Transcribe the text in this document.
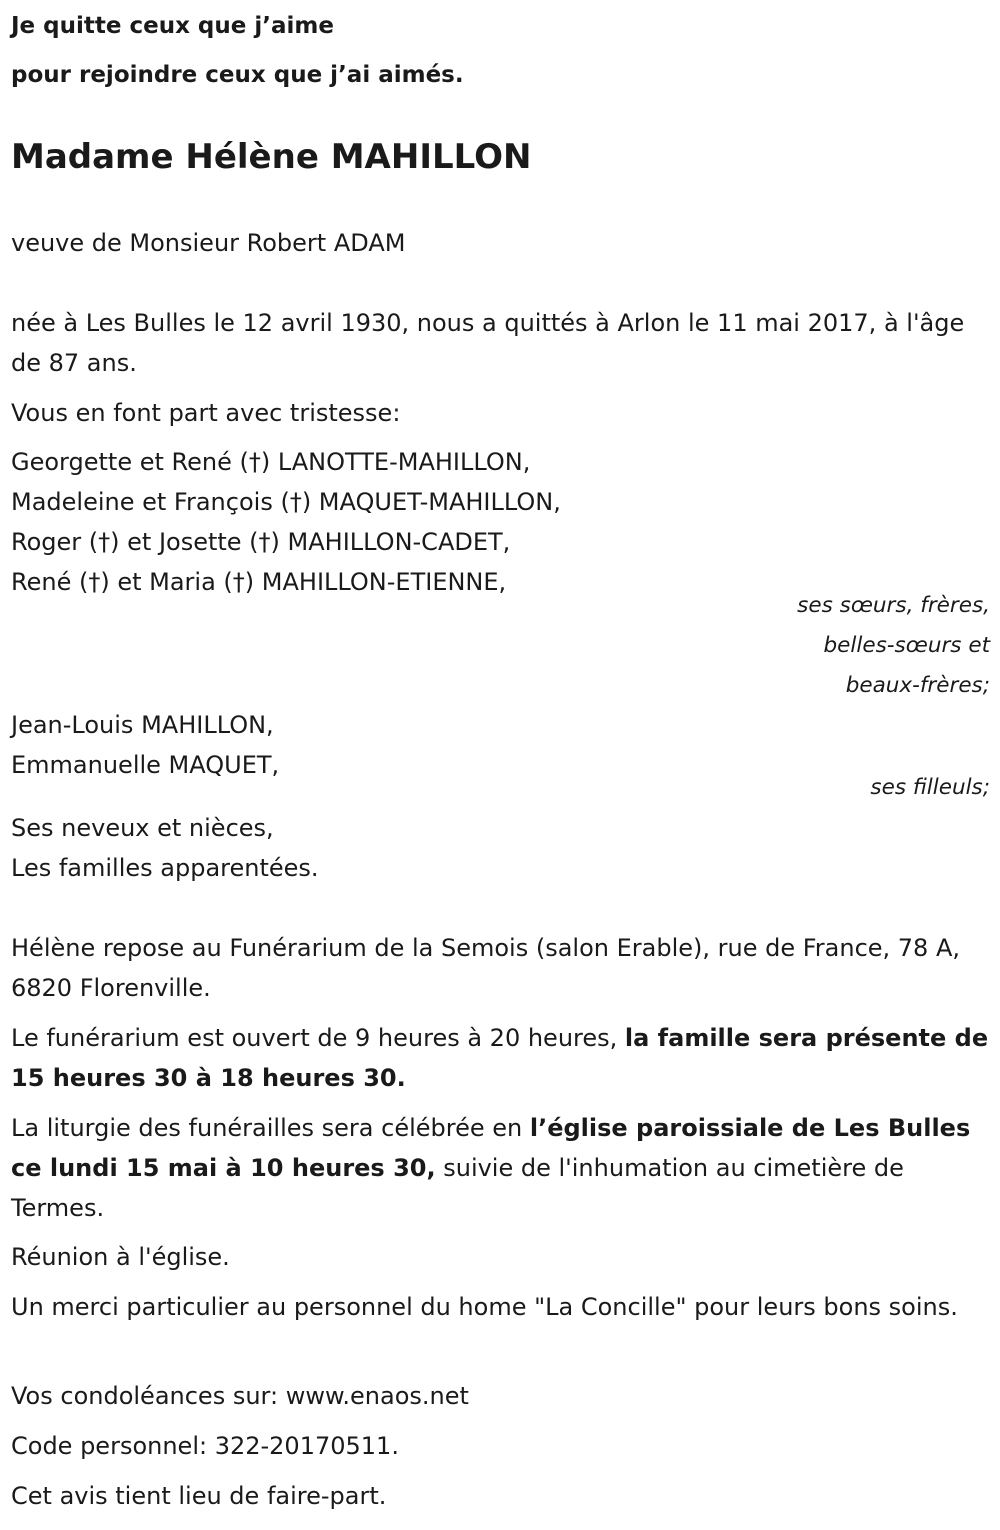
Je quitte ceux que j’aime
pour rejoindre ceux que j’ai aimés.
Madame Hélène MAHILLON
veuve de Monsieur Robert ADAM
née à Les Bulles le 12 avril 1930, nous a quittés à Arlon le 11 mai 2017, à l'âge de 87 ans.
Vous en font part avec tristesse:
Georgette et René (†) LANOTTE-MAHILLON,
Madeleine et François (†) MAQUET-MAHILLON,
Roger (†) et Josette (†) MAHILLON-CADET,
René (†) et Maria (†) MAHILLON-ETIENNE,
ses sœurs, frères,
belles-sœurs et
beaux-frères;
Jean-Louis MAHILLON,
Emmanuelle MAQUET,
ses filleuls;
Ses neveux et nièces,
Les familles apparentées.
Hélène repose au Funérarium de la Semois (salon Erable), rue de France, 78 A, 6820 Florenville.
Le funérarium est ouvert de 9 heures à 20 heures, la famille sera présente de 15 heures 30 à 18 heures 30.
La liturgie des funérailles sera célébrée en l’église paroissiale de Les Bulles ce lundi 15 mai à 10 heures 30, suivie de l'inhumation au cimetière de Termes.
Réunion à l'église.
Un merci particulier au personnel du home "La Concille" pour leurs bons soins.
Vos condoléances sur: www.enaos.net
Code personnel: 322-20170511.
Cet avis tient lieu de faire-part.
